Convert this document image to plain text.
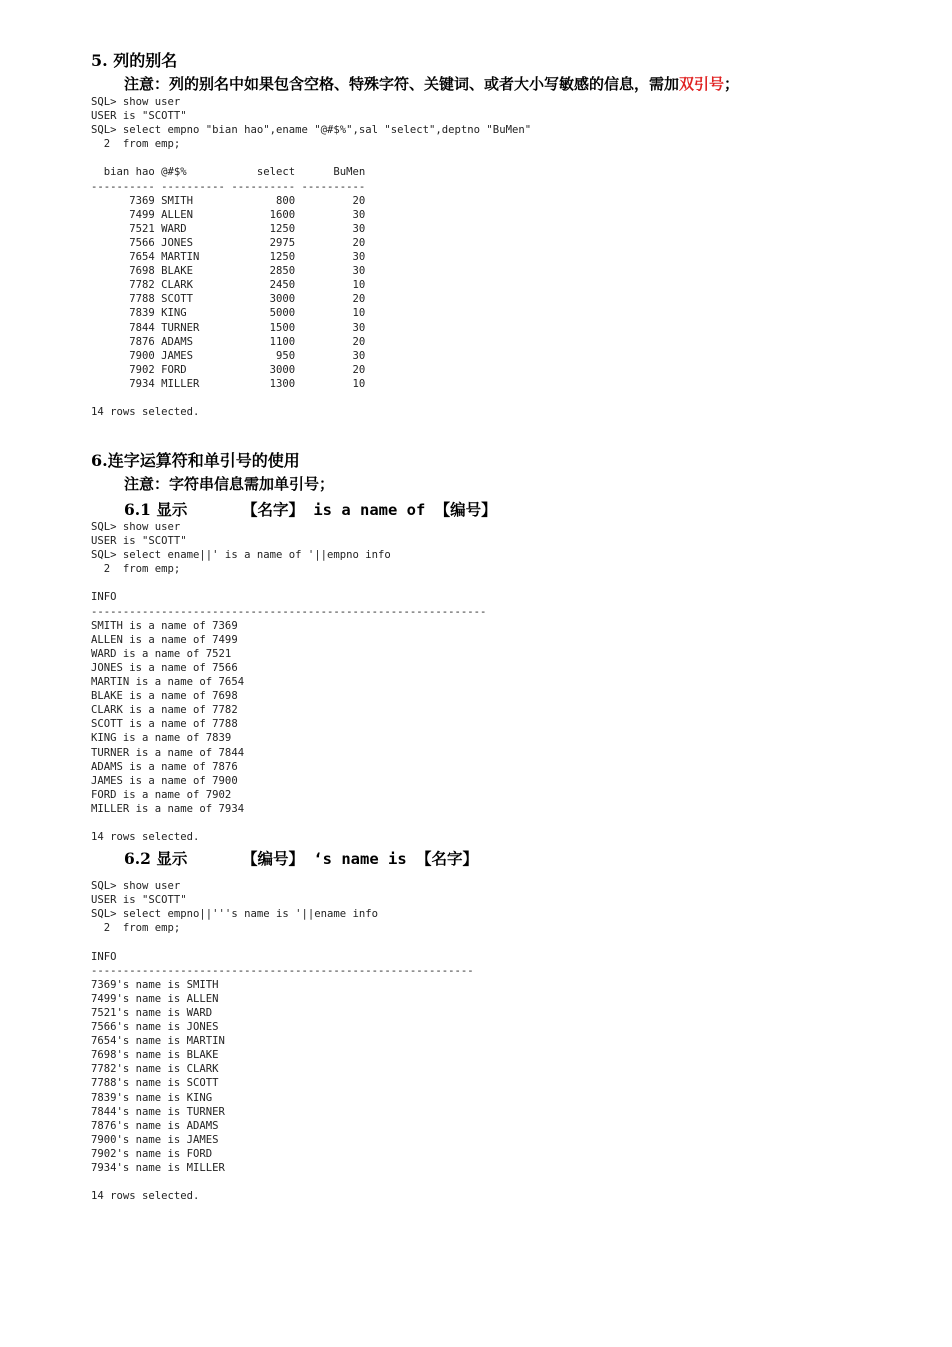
5. 列的别名

注意：列的别名中如果包含空格、特殊字符、关键词、或者大小写敏感的信息，需加双引号；

SQL> show user
USER is "SCOTT"
SQL> select empno "bian hao",ename "@#$%",sal "select",deptno "BuMen"
2  from emp;
bian hao @#$%           select      BuMen
---------- ---------- ---------- ----------
7369 SMITH             800         20
7499 ALLEN            1600         30
7521 WARD             1250         30
7566 JONES            2975         20
7654 MARTIN           1250         30
7698 BLAKE            2850         30
7782 CLARK            2450         10
7788 SCOTT            3000         20
7839 KING             5000         10
7844 TURNER           1500         30
7876 ADAMS            1100         20
7900 JAMES             950         30
7902 FORD             3000         20
7934 MILLER           1300         10
14 rows selected.
6.连字运算符和单引号的使用

注意：字符串信息需加单引号；

6.1 显示	【名字】 is a name of 【编号】

SQL> show user
USER is "SCOTT"
SQL> select ename||' is a name of '||empno info
2  from emp;
INFO
--------------------------------------------------------------
SMITH is a name of 7369
ALLEN is a name of 7499
WARD is a name of 7521
JONES is a name of 7566
MARTIN is a name of 7654
BLAKE is a name of 7698
CLARK is a name of 7782
SCOTT is a name of 7788
KING is a name of 7839
TURNER is a name of 7844
ADAMS is a name of 7876
JAMES is a name of 7900
FORD is a name of 7902
MILLER is a name of 7934
14 rows selected.

6.2 显示	【编号】 ‘s name is 【名字】

SQL> show user
USER is "SCOTT"
SQL> select empno||'''s name is '||ename info
2  from emp;
INFO
------------------------------------------------------------
7369's name is SMITH
7499's name is ALLEN
7521's name is WARD
7566's name is JONES
7654's name is MARTIN
7698's name is BLAKE
7782's name is CLARK
7788's name is SCOTT
7839's name is KING
7844's name is TURNER
7876's name is ADAMS
7900's name is JAMES
7902's name is FORD
7934's name is MILLER
14 rows selected.
